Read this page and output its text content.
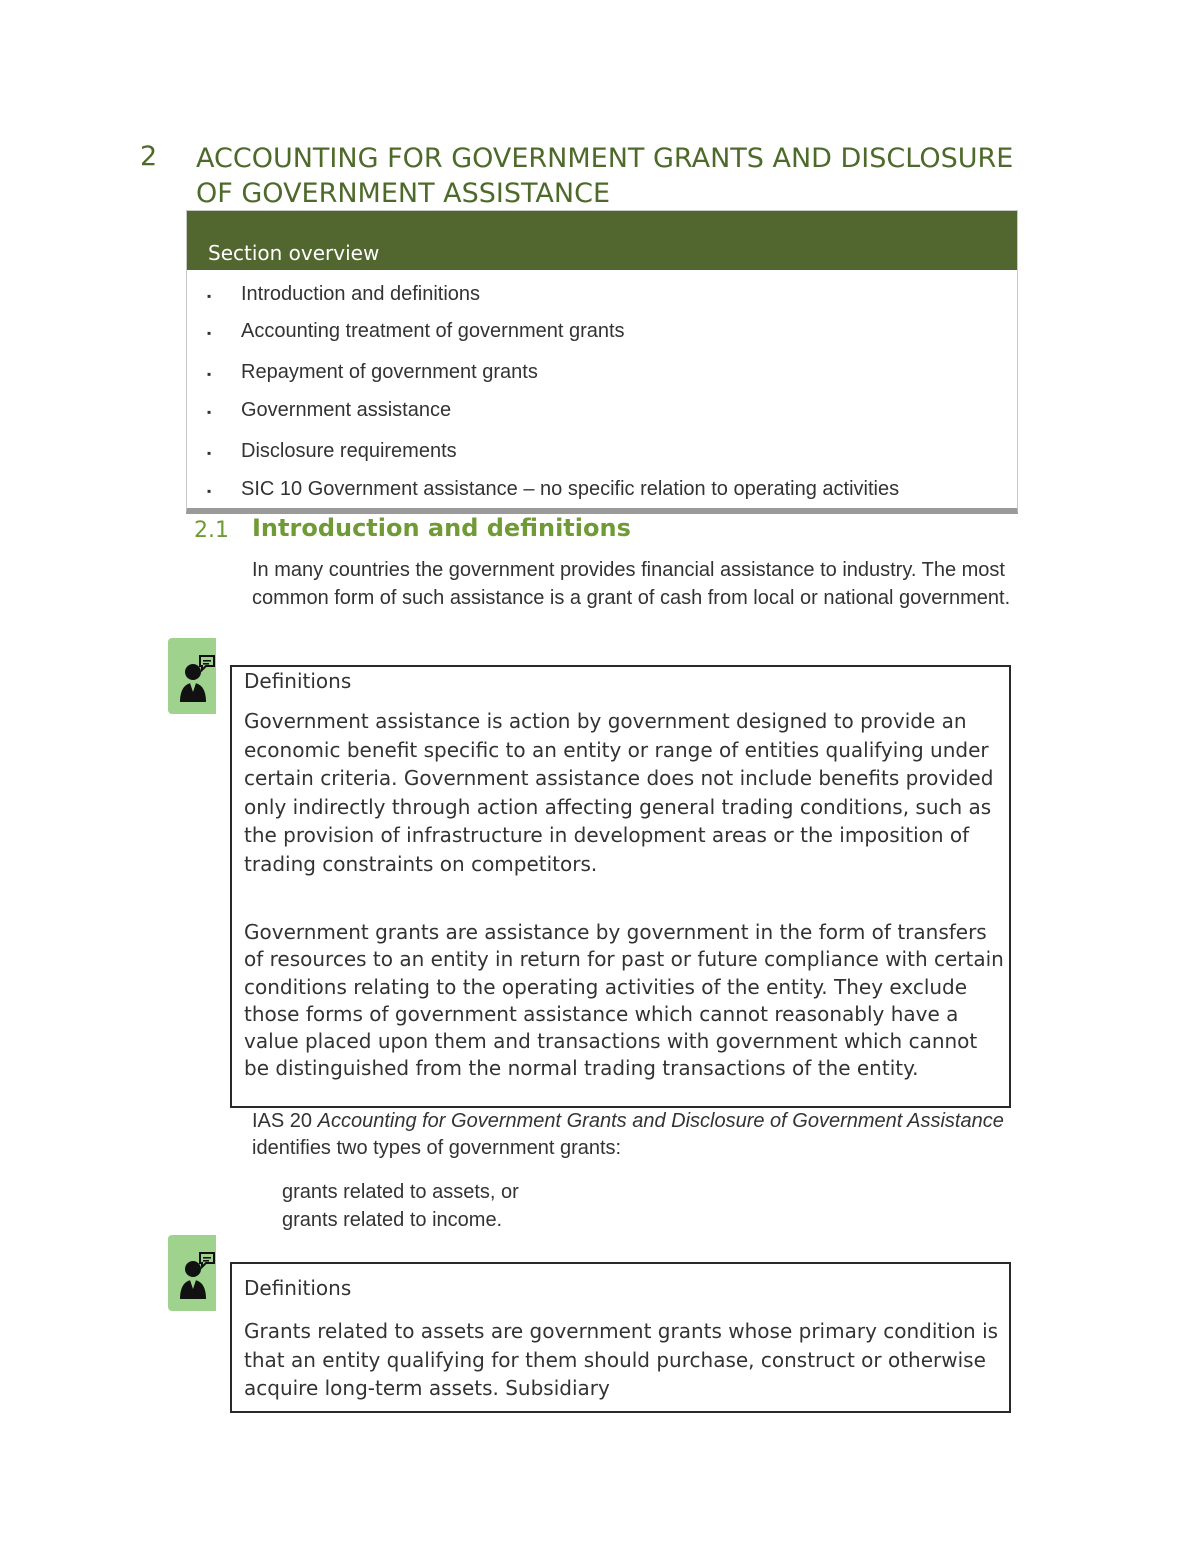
2 ACCOUNTING FOR GOVERNMENT GRANTS AND DISCLOSURE
OF GOVERNMENT ASSISTANCE
Section overview
▪ Introduction and definitions
▪ Accounting treatment of government grants
▪ Repayment of government grants
▪ Government assistance
▪ Disclosure requirements
▪ SIC 10 Government assistance – no specific relation to operating activities
2.1 Introduction and definitions
In many countries the government provides financial assistance to industry. The most common form of such assistance is a grant of cash from local or national government.
Definitions
Government assistance is action by government designed to provide an economic benefit specific to an entity or range of entities qualifying under certain criteria. Government assistance does not include benefits provided only indirectly through action affecting general trading conditions, such as the provision of infrastructure in development areas or the imposition of trading constraints on competitors.
Government grants are assistance by government in the form of transfers of resources to an entity in return for past or future compliance with certain conditions relating to the operating activities of the entity. They exclude those forms of government assistance which cannot reasonably have a value placed upon them and transactions with government which cannot be distinguished from the normal trading transactions of the entity.
IAS 20 Accounting for Government Grants and Disclosure of Government Assistance identifies two types of government grants:
grants related to assets, or
grants related to income.
Definitions
Grants related to assets are government grants whose primary condition is that an entity qualifying for them should purchase, construct or otherwise acquire long-term assets. Subsidiary
